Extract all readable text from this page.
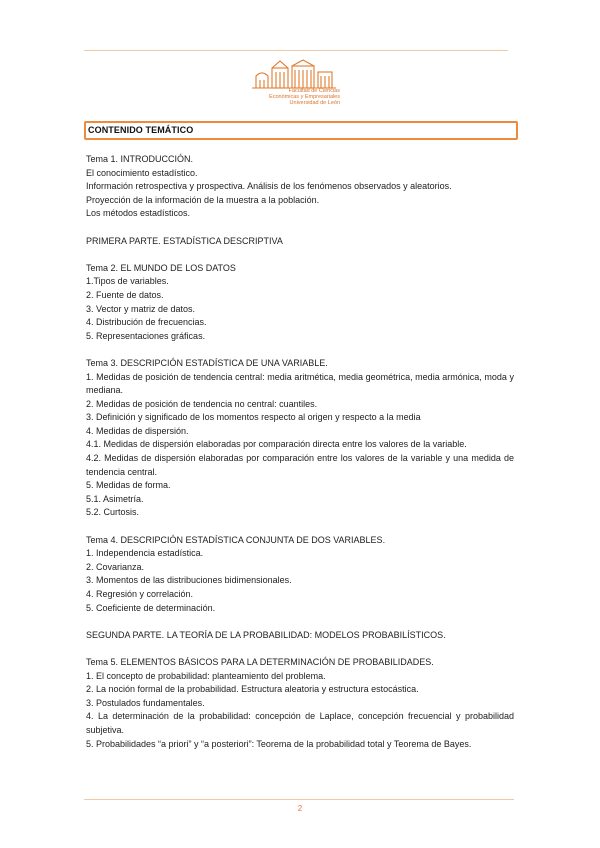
Facultad de Ciencias
Económicas y Empresariales
Universidad de León
CONTENIDO TEMÁTICO
Tema 1. INTRODUCCIÓN.
El conocimiento estadístico.
Información retrospectiva y prospectiva. Análisis de los fenómenos observados y aleatorios.
Proyección de la información de la muestra a la población.
Los métodos estadísticos.
PRIMERA PARTE. ESTADÍSTICA DESCRIPTIVA
Tema 2. EL MUNDO DE LOS DATOS
1.Tipos de variables.
2. Fuente de datos.
3. Vector y matriz de datos.
4. Distribución de frecuencias.
5. Representaciones gráficas.
Tema 3. DESCRIPCIÓN ESTADÍSTICA DE UNA VARIABLE.
1. Medidas de posición de tendencia central: media aritmética, media geométrica, media armónica, moda y mediana.
2. Medidas de posición de tendencia no central: cuantiles.
3. Definición y significado de los momentos respecto al origen y respecto a la media
4. Medidas de dispersión.
4.1. Medidas de dispersión elaboradas por comparación directa entre los valores de la variable.
4.2. Medidas de dispersión elaboradas por comparación entre los valores de la variable y una medida de tendencia central.
5. Medidas de forma.
5.1. Asimetría.
5.2. Curtosis.
Tema 4. DESCRIPCIÓN ESTADÍSTICA CONJUNTA DE DOS VARIABLES.
1. Independencia estadística.
2. Covarianza.
3. Momentos de las distribuciones bidimensionales.
4. Regresión y correlación.
5. Coeficiente de determinación.
SEGUNDA PARTE. LA TEORÍA DE LA PROBABILIDAD: MODELOS PROBABILÍSTICOS.
Tema 5. ELEMENTOS BÁSICOS PARA LA DETERMINACIÓN DE PROBABILIDADES.
1. El concepto de probabilidad: planteamiento del problema.
2. La noción formal de la probabilidad. Estructura aleatoria y estructura estocástica.
3. Postulados fundamentales.
4. La determinación de la probabilidad: concepción de Laplace, concepción frecuencial y probabilidad subjetiva.
5. Probabilidades “a priori” y “a posteriori”: Teorema de la probabilidad total y Teorema de Bayes.
2
